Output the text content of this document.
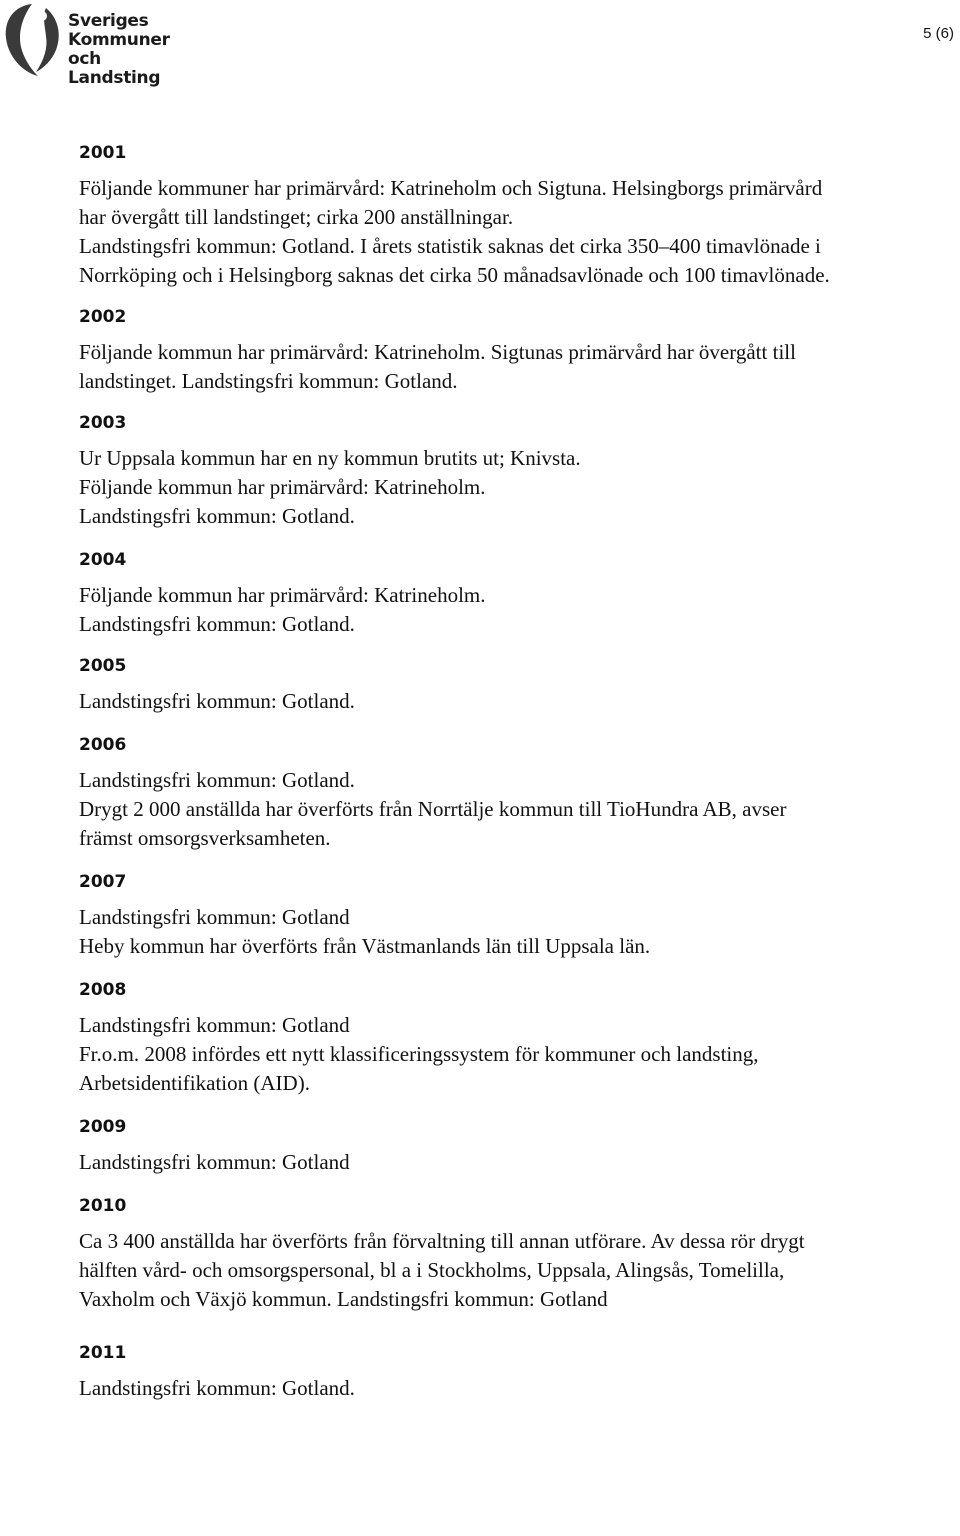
Sveriges
Kommuner
och Landsting
5 (6)
2001
Följande kommuner har primärvård: Katrineholm och Sigtuna. Helsingborgs primärvård
har övergått till landstinget; cirka 200 anställningar.
Landstingsfri kommun: Gotland. I årets statistik saknas det cirka 350–400 timavlönade i
Norrköping och i Helsingborg saknas det cirka 50 månadsavlönade och 100 timavlönade.
2002
Följande kommun har primärvård: Katrineholm. Sigtunas primärvård har övergått till
landstinget. Landstingsfri kommun: Gotland.
2003
Ur Uppsala kommun har en ny kommun brutits ut; Knivsta.
Följande kommun har primärvård: Katrineholm.
Landstingsfri kommun: Gotland.
2004
Följande kommun har primärvård: Katrineholm.
Landstingsfri kommun: Gotland.
2005
Landstingsfri kommun: Gotland.
2006
Landstingsfri kommun: Gotland.
Drygt 2 000 anställda har överförts från Norrtälje kommun till TioHundra AB, avser
främst omsorgsverksamheten.
2007
Landstingsfri kommun: Gotland
Heby kommun har överförts från Västmanlands län till Uppsala län.
2008
Landstingsfri kommun: Gotland
Fr.o.m. 2008 infördes ett nytt klassificeringssystem för kommuner och landsting,
Arbetsidentifikation (AID).
2009
Landstingsfri kommun: Gotland
2010
Ca 3 400 anställda har överförts från förvaltning till annan utförare. Av dessa rör drygt
hälften vård- och omsorgspersonal, bl a i Stockholms, Uppsala, Alingsås, Tomelilla,
Vaxholm och Växjö kommun. Landstingsfri kommun: Gotland
2011
Landstingsfri kommun: Gotland.
